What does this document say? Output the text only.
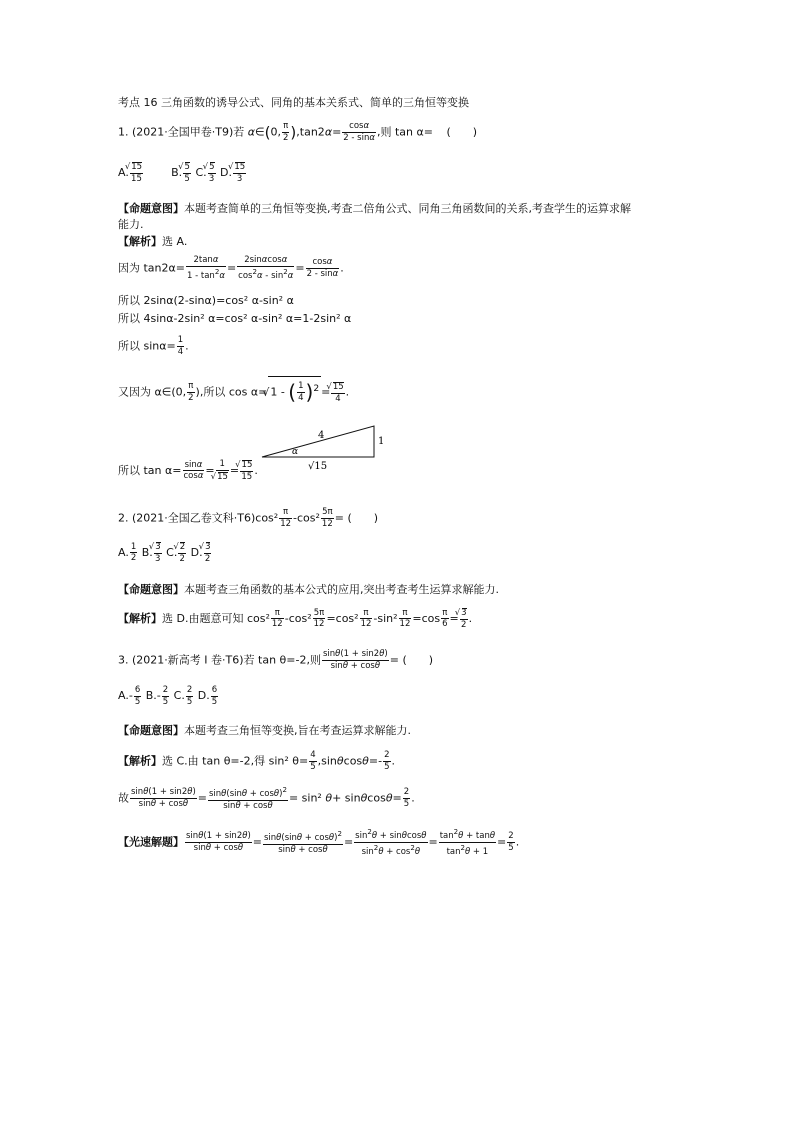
考点 16 三角函数的诱导公式、同角的基本关系式、简单的三角恒等变换
1. (2021·全国甲卷·T9)若 α∈(0, $\frac{\pi}{2} ),\tan 2\alpha= \frac{\cos\alpha}{2 - \sin\alpha}$ ,则 tan α= (　　)
A. √ $\frac{15}{15}$	B. √ $\frac{5}{5} C$. √ $\frac{5}{3} D$. √ $\frac{15}{3}$
【命题意图】本题考查简单的三角恒等变换,考查二倍角公式、同角三角函数间的关系,考查学生的运算求解
能力.
【解析】选 A.
因为 $\tan 2\alpha= \frac{2\tan\alpha}{1 - \tan^2\alpha} = \frac{2\sin\alpha\cos\alpha}{\cos^2\alpha - \sin^2\alpha} = \frac{\cos\alpha}{2 - \sin\alpha}$ .
所以 2sinα(2-sinα)=cos² α-sin² α
所以 4sinα-2sin² α=cos² α-sin² α=1-2sin² α
所以 $\sin\alpha= \frac{1}{4}$ .
又因为 α∈(0, $\frac{\pi}{2}$ ),所以 cos α= √ 1 - ( $\frac{1}{4} )^2$ = √ $\frac{15}{4}$ .
4
1
α
√15
所以 $\tan \alpha= \frac{\sin\alpha}{\cos\alpha} = 1$
√ 15 = √ $\frac{15}{15}$ .
2. (2021·全国乙卷文科$\cdot T6)\cos^2 \frac{\pi}{12} -\cos^2 \frac{5\pi}{12}$ = (　　)
A. $\frac{1}{2} B$. √ $\frac{3}{3} C$. √ $\frac{2}{2} D$. √ $\frac{3}{2}$
【命题意图】本题考查三角函数的基本公式的应用,突出考查考生运算求解能力.
【解析】选 D.由题意可知 $\cos^2 \frac{\pi}{12} -\cos^2 \frac{5\pi}{12} =\cos^2 \frac{\pi}{12} -\sin^2 \frac{\pi}{12} =\cos \frac{\pi}{6}$ = √ $\frac{3}{2}$ .
3. (2021·新高考 I 卷·T6)若 tan θ=-2,则 $\frac{\sin\theta(1 + \sin 2\theta)}{\sin\theta + \cos\theta}$ = (　　)
$A.- \frac{6}{5} B.- \frac{2}{5} C$. $\frac{2}{5} D$. $\frac{6}{5}$
【命题意图】本题考查三角恒等变换,旨在考查运算求解能力.
【解析】选 C.由 tan θ=-2,得 sin² $\theta= \frac{4}{5} ,\sin\theta\cos\theta=- \frac{2}{5}$ .
故 $\frac{\sin\theta(1 + \sin 2\theta)}{\sin\theta + \cos\theta} = \frac{\sin\theta(\sin\theta + \cos\theta)^2}{\sin\theta + \cos\theta} = \sin^2$ $\theta+ \sin\theta\cos\theta= \frac{2}{5}$ .
【光速解题】 $\frac{\sin\theta(1 + \sin 2\theta)}{\sin\theta + \cos\theta} = \frac{\sin\theta(\sin\theta + \cos\theta)^2}{\sin\theta + \cos\theta} = \frac{\sin^2\theta + \sin\theta\cos\theta}{\sin^2\theta + \cos^2\theta} = \frac{\tan^2\theta + \tan\theta}{\tan^2\theta + 1} = \frac{2}{5}$ .
